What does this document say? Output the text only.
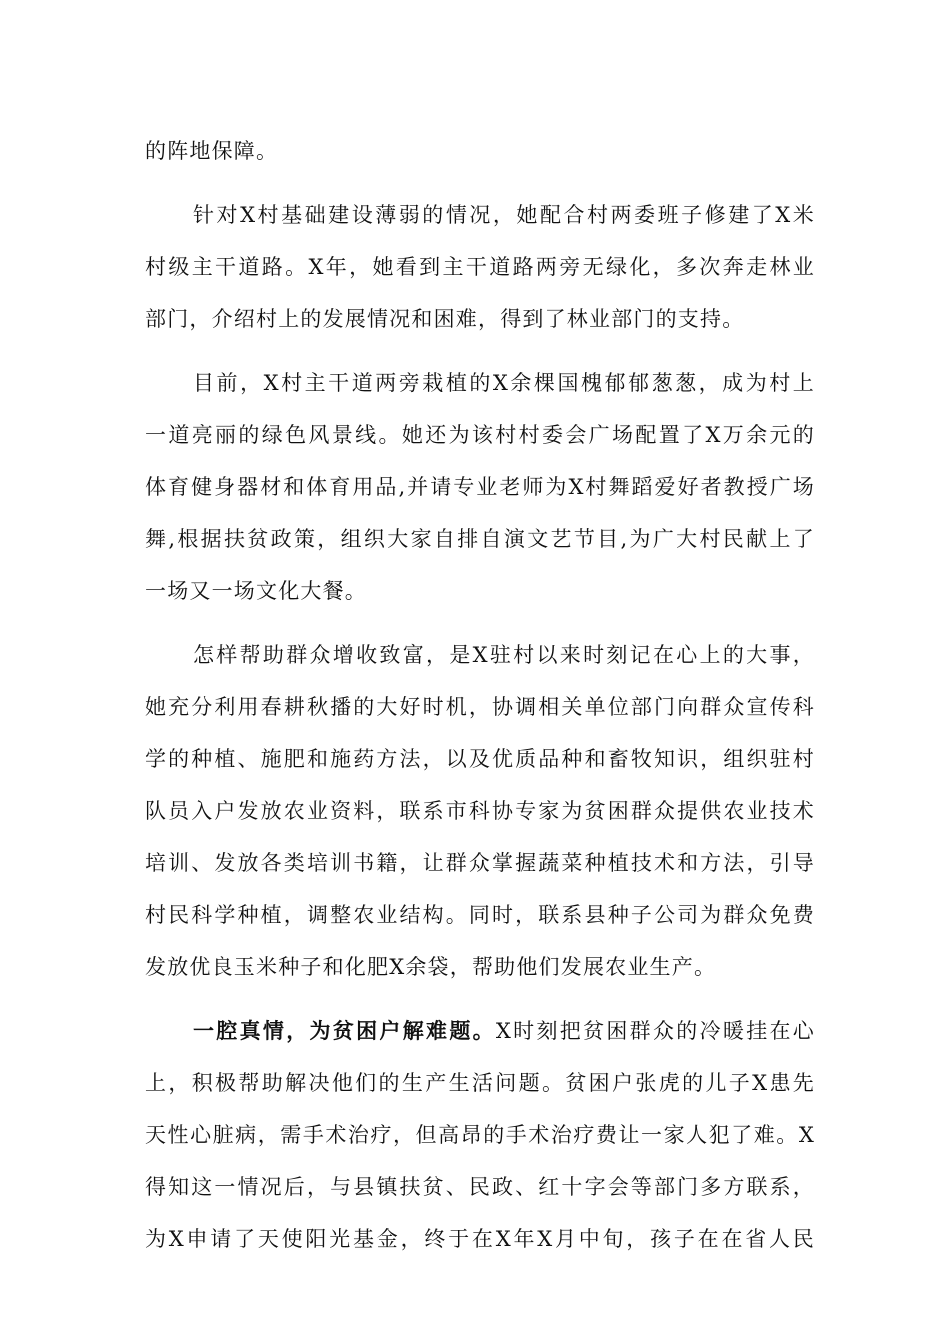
的阵地保障。
针对X村基础建设薄弱的情况，她配合村两委班子修建了X米
村级主干道路。X年，她看到主干道路两旁无绿化，多次奔走林业
部门，介绍村上的发展情况和困难，得到了林业部门的支持。
目前，X村主干道两旁栽植的X余棵国槐郁郁葱葱，成为村上
一道亮丽的绿色风景线。她还为该村村委会广场配置了X万余元的
体育健身器材和体育用品,并请专业老师为X村舞蹈爱好者教授广场
舞,根据扶贫政策，组织大家自排自演文艺节目,为广大村民献上了
一场又一场文化大餐。
怎样帮助群众增收致富，是X驻村以来时刻记在心上的大事，
她充分利用春耕秋播的大好时机，协调相关单位部门向群众宣传科
学的种植、施肥和施药方法，以及优质品种和畜牧知识，组织驻村
队员入户发放农业资料，联系市科协专家为贫困群众提供农业技术
培训、发放各类培训书籍，让群众掌握蔬菜种植技术和方法，引导
村民科学种植，调整农业结构。同时，联系县种子公司为群众免费
发放优良玉米种子和化肥X余袋，帮助他们发展农业生产。
一腔真情，为贫困户解难题。X时刻把贫困群众的冷暖挂在心
上，积极帮助解决他们的生产生活问题。贫困户张虎的儿子X患先
天性心脏病，需手术治疗，但高昂的手术治疗费让一家人犯了难。X
得知这一情况后，与县镇扶贫、民政、红十字会等部门多方联系，
为X申请了天使阳光基金，终于在X年X月中旬，孩子在在省人民
